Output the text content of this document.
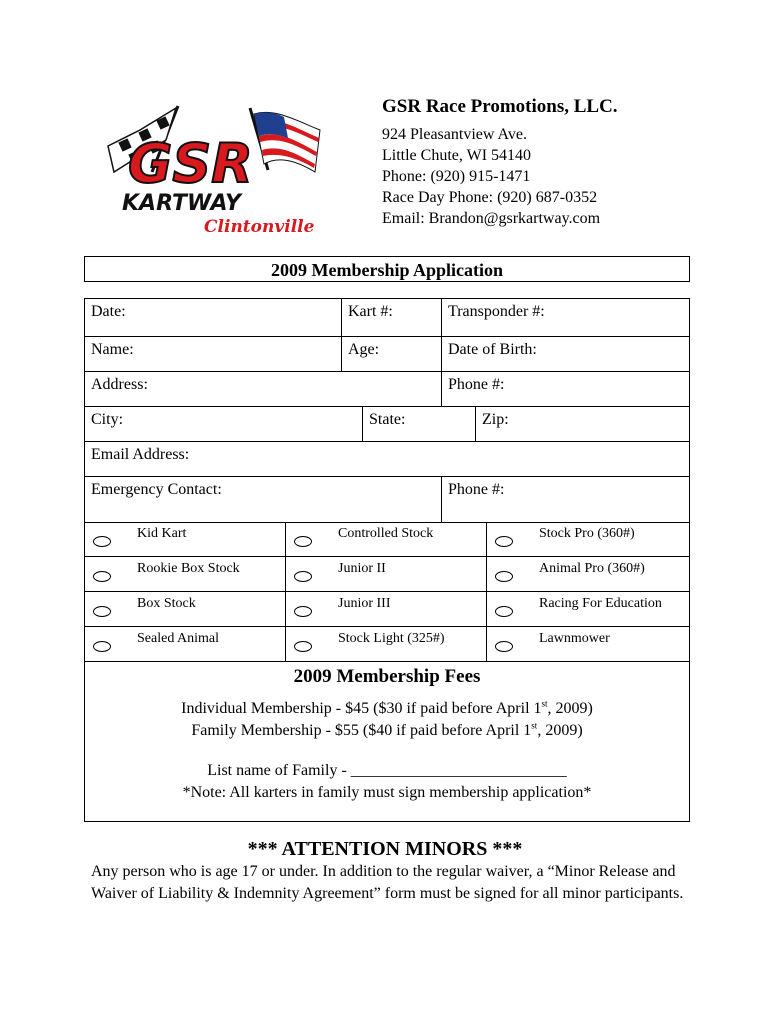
GSR
KARTWAY
Clintonville
GSR Race Promotions, LLC.
924 Pleasantview Ave.
Little Chute, WI 54140
Phone: (920) 915-1471
Race Day Phone: (920) 687-0352
Email: Brandon@gsrkartway.com
2009 Membership Application
Date:	Kart #:	Transponder #:
Name:	Age:	Date of Birth:
Address:	Phone #:
City:	State:	Zip:
Email Address:
Emergency Contact:	Phone #:
Kid Kart	Controlled Stock	Stock Pro (360#)
Rookie Box Stock	Junior II	Animal Pro (360#)
Box Stock	Junior III	Racing For Education
Sealed Animal	Stock Light (325#)	Lawnmower
2009 Membership Fees
Individual Membership - $45 ($30 if paid before April 1st, 2009)
Family Membership - $55 ($40 if paid before April 1st, 2009)
List name of Family - ___________________________
*Note: All karters in family must sign membership application*
*** ATTENTION MINORS ***
Any person who is age 17 or under. In addition to the regular waiver, a “Minor Release and Waiver of Liability & Indemnity Agreement” form must be signed for all minor participants.
